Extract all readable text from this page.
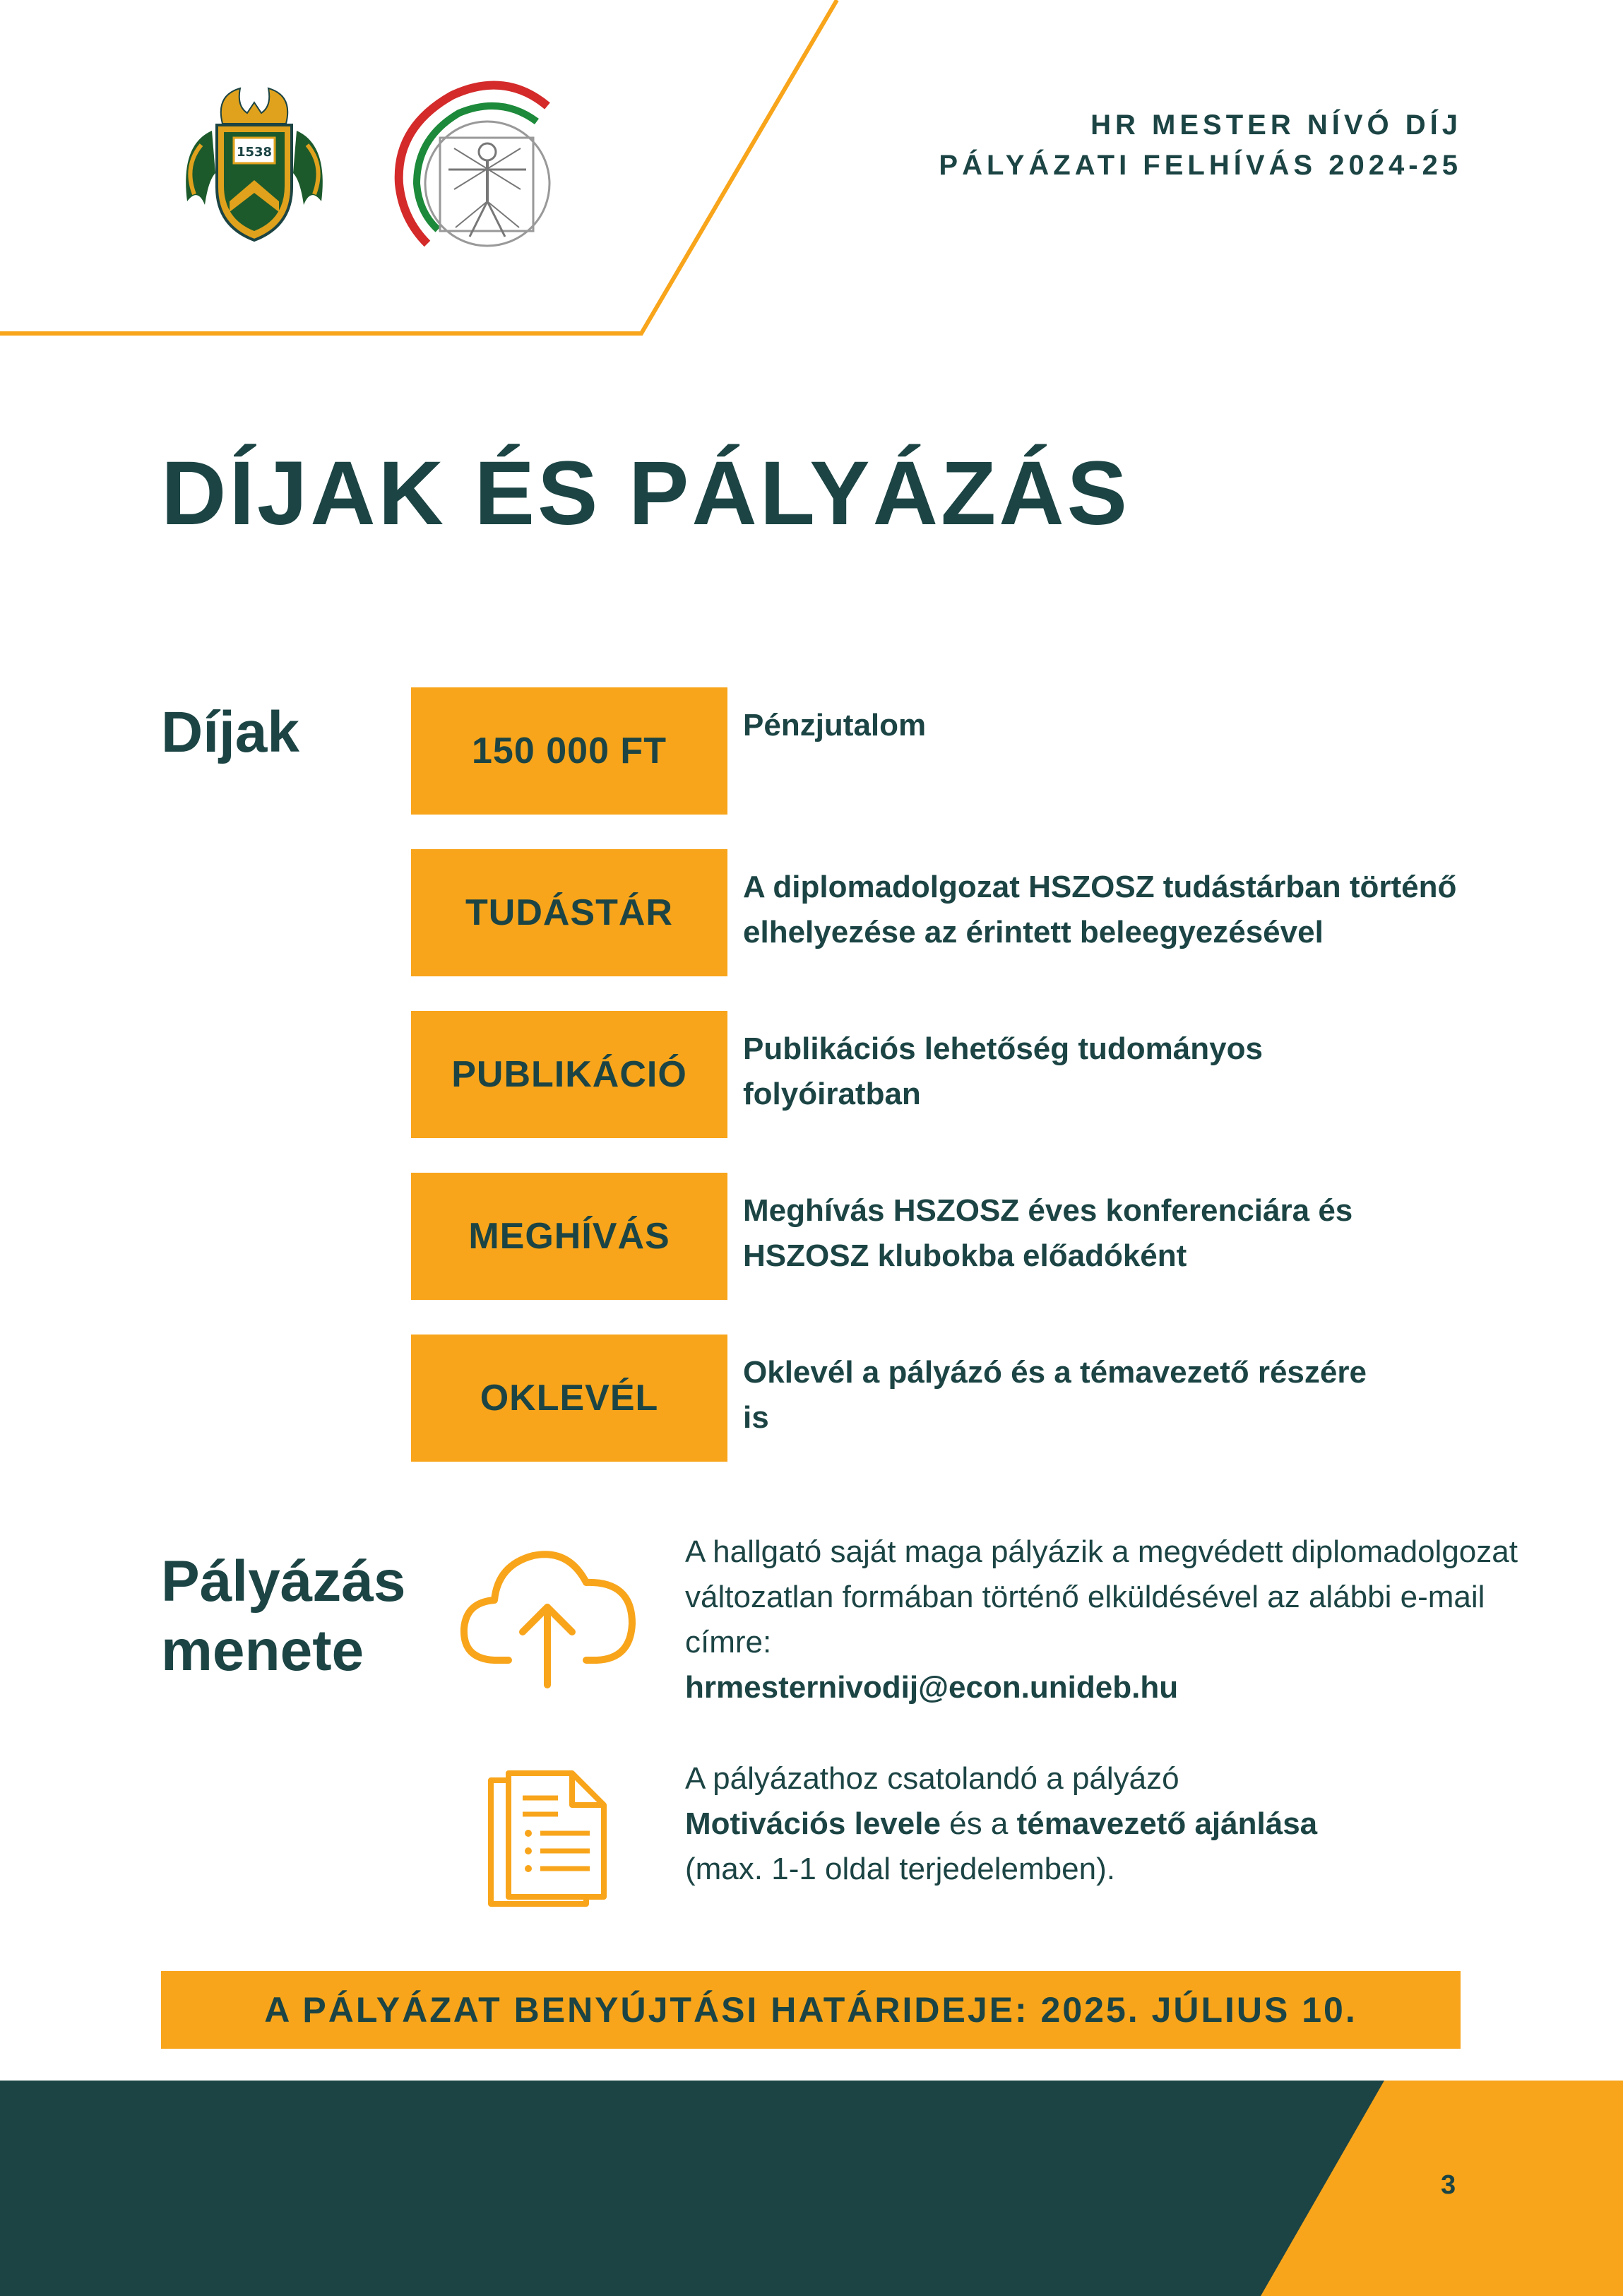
1538
HR MESTER NÍVÓ DÍJ
PÁLYÁZATI FELHÍVÁS 2024-25
DÍJAK ÉS PÁLYÁZÁS
Díjak	150 000 FT
Pénzjutalom
TUDÁSTÁR
A diplomadolgozat HSZOSZ tudástárban történő elhelyezése az érintett beleegyezésével
PUBLIKÁCIÓ
Publikációs lehetőség tudományos folyóiratban
MEGHÍVÁS
Meghívás HSZOSZ éves konferenciára és HSZOSZ klubokba előadóként
OKLEVÉL
Oklevél a pályázó és a témavezető részére is
Pályázás
menete
A hallgató saját maga pályázik a megvédett diplomadolgozat változatlan formában történő elküldésével az alábbi e-mail címre:
hrmesternivodij@econ.unideb.hu
A pályázathoz csatolandó a pályázó
Motivációs levele és a témavezető ajánlása
(max. 1-1 oldal terjedelemben).
A PÁLYÁZAT BENYÚJTÁSI HATÁRIDEJE: 2025. JÚLIUS 10.
3
